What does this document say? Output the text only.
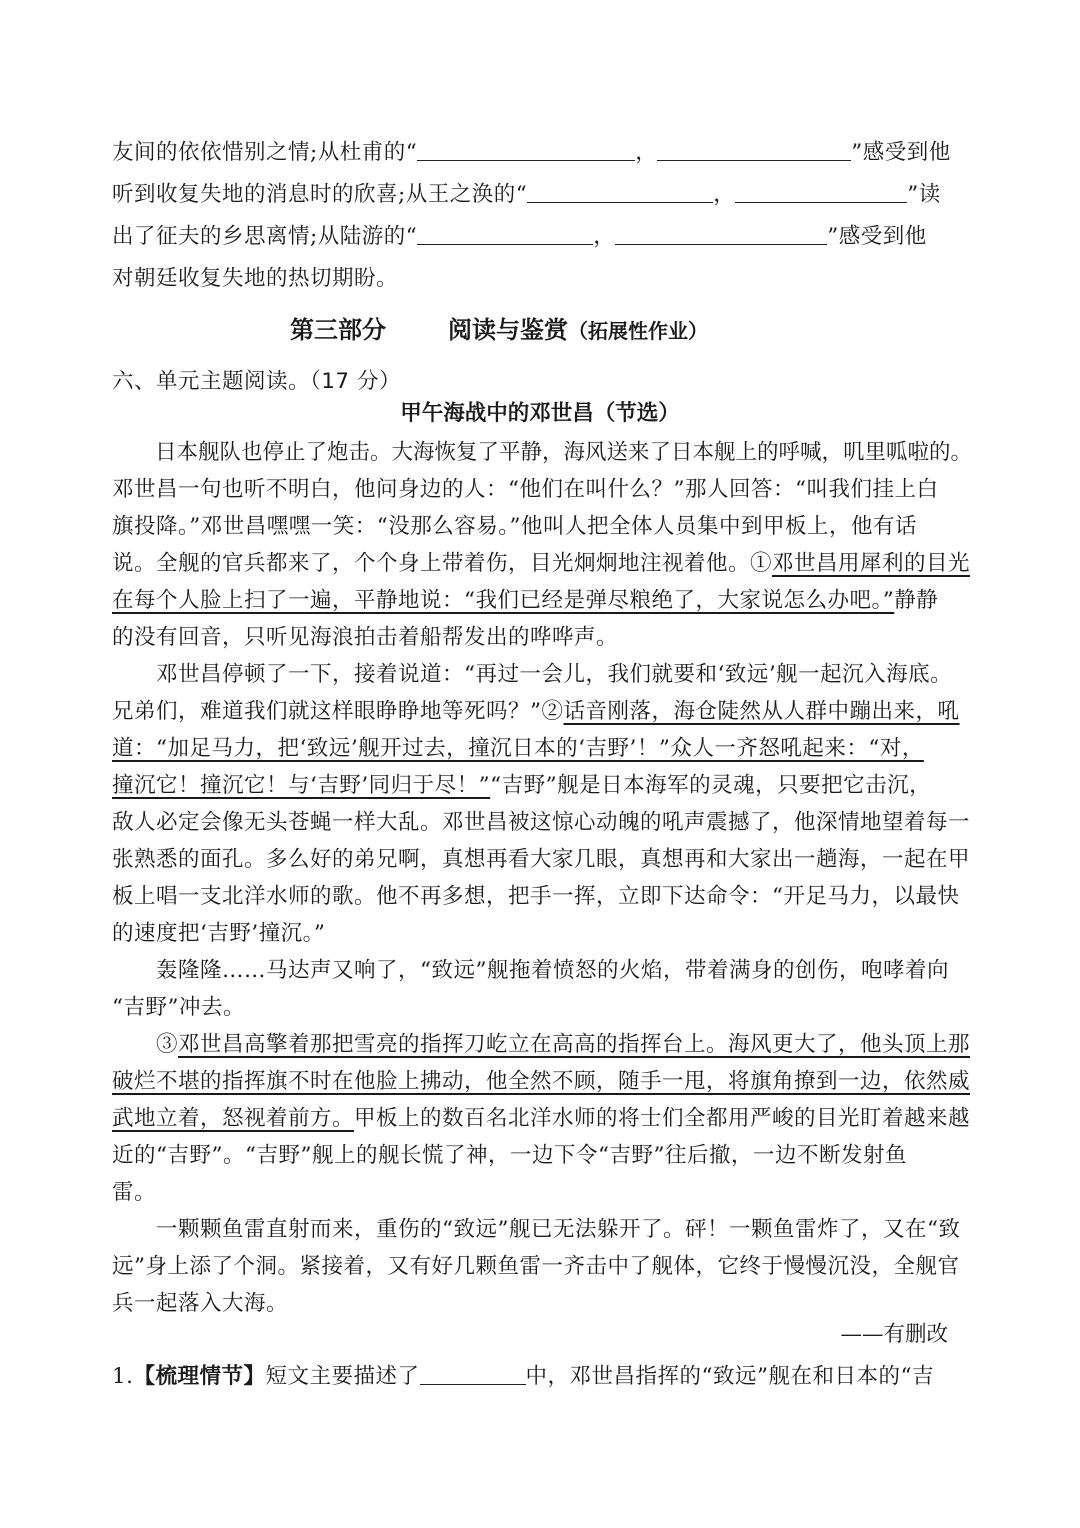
友间的依依惜别之情;从杜甫的“	，	”感受到他
听到收复失地的消息时的欣喜;从王之涣的“	，	”读
出了征夫的乡思离情;从陆游的“	，	”感受到他
对朝廷收复失地的热切期盼。
第三部分	阅读与鉴赏（拓展性作业）
六、单元主题阅读。（17 分）
甲午海战中的邓世昌（节选）
　　日本舰队也停止了炮击。大海恢复了平静，海风送来了日本舰上的呼喊，叽里呱啦的。
邓世昌一句也听不明白，他问身边的人：“他们在叫什么？”那人回答：“叫我们挂上白
旗投降。”邓世昌嘿嘿一笑：“没那么容易。”他叫人把全体人员集中到甲板上，他有话
说。全舰的官兵都来了，个个身上带着伤，目光炯炯地注视着他。①邓世昌用犀利的目光
在每个人脸上扫了一遍，平静地说：“我们已经是弹尽粮绝了，大家说怎么办吧。”静静
的没有回音，只听见海浪拍击着船帮发出的哗哗声。
　　邓世昌停顿了一下，接着说道：“再过一会儿，我们就要和‘致远’舰一起沉入海底。
兄弟们，难道我们就这样眼睁睁地等死吗？”②话音刚落，海仓陡然从人群中蹦出来，吼
道：“加足马力，把‘致远’舰开过去，撞沉日本的‘吉野’！”众人一齐怒吼起来：“对，
撞沉它！撞沉它！与‘吉野’同归于尽！”“吉野”舰是日本海军的灵魂，只要把它击沉，
敌人必定会像无头苍蝇一样大乱。邓世昌被这惊心动魄的吼声震撼了，他深情地望着每一
张熟悉的面孔。多么好的弟兄啊，真想再看大家几眼，真想再和大家出一趟海，一起在甲
板上唱一支北洋水师的歌。他不再多想，把手一挥，立即下达命令：“开足马力，以最快
的速度把‘吉野’撞沉。”
　　轰隆隆……马达声又响了，“致远”舰拖着愤怒的火焰，带着满身的创伤，咆哮着向
“吉野”冲去。
　　③邓世昌高擎着那把雪亮的指挥刀屹立在高高的指挥台上。海风更大了，他头顶上那
破烂不堪的指挥旗不时在他脸上拂动，他全然不顾，随手一甩，将旗角撩到一边，依然威
武地立着，怒视着前方。甲板上的数百名北洋水师的将士们全都用严峻的目光盯着越来越
近的“吉野”。“吉野”舰上的舰长慌了神，一边下令“吉野”往后撤，一边不断发射鱼
雷。
　　一颗颗鱼雷直射而来，重伤的“致远”舰已无法躲开了。砰！一颗鱼雷炸了，又在“致
远”身上添了个洞。紧接着，又有好几颗鱼雷一齐击中了舰体，它终于慢慢沉没，全舰官
兵一起落入大海。
——有删改
1.【梳理情节】短文主要描述了	中，邓世昌指挥的“致远”舰在和日本的“吉
